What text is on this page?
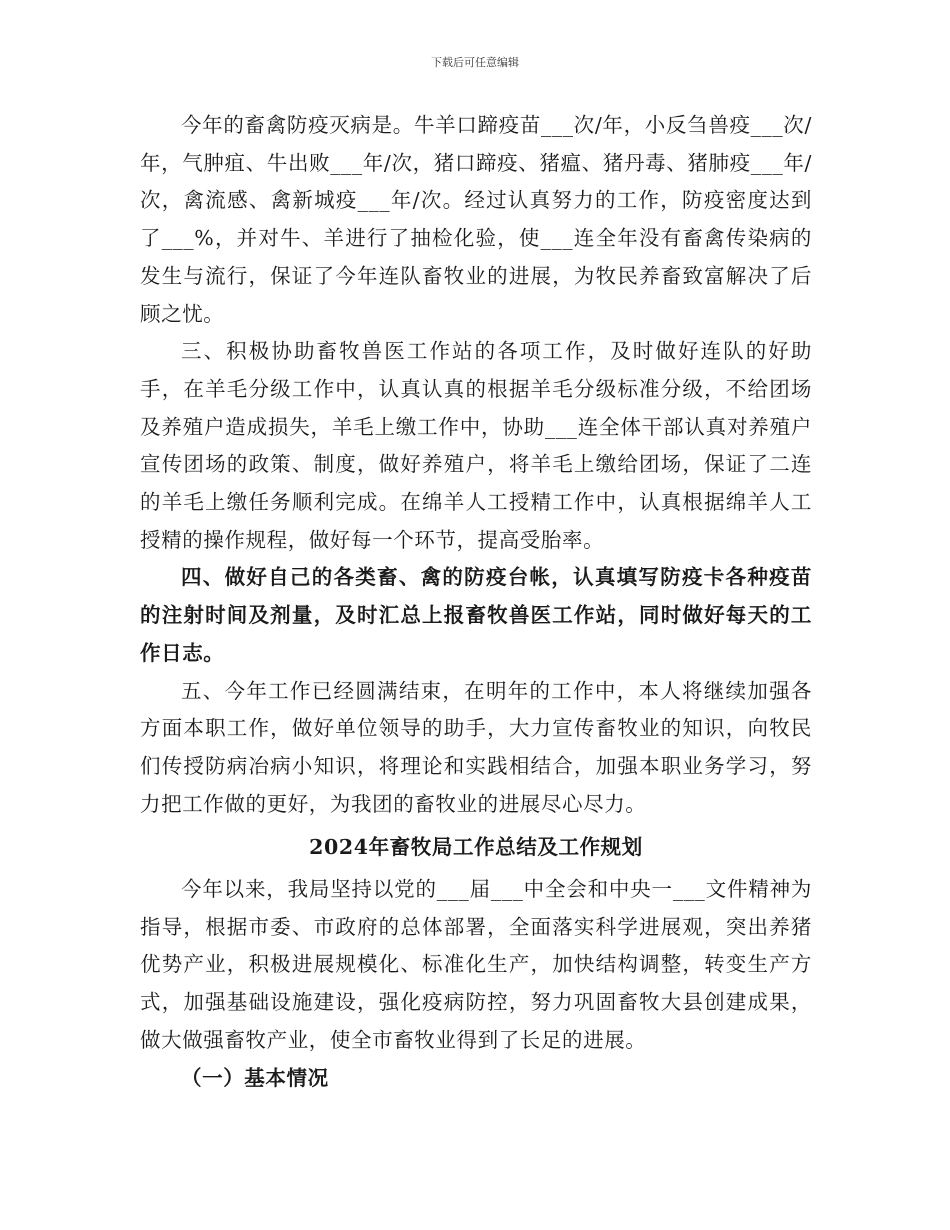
下载后可任意编辑

今年的畜禽防疫灭病是。牛羊口蹄疫苗___次/年，小反刍兽疫___次/年，气肿疽、牛出败___年/次，猪口蹄疫、猪瘟、猪丹毒、猪肺疫___年/次，禽流感、禽新城疫___年/次。经过认真努力的工作，防疫密度达到了___%，并对牛、羊进行了抽检化验，使___连全年没有畜禽传染病的发生与流行，保证了今年连队畜牧业的进展，为牧民养畜致富解决了后顾之忧。

三、积极协助畜牧兽医工作站的各项工作，及时做好连队的好助手，在羊毛分级工作中，认真认真的根据羊毛分级标准分级，不给团场及养殖户造成损失，羊毛上缴工作中，协助___连全体干部认真对养殖户宣传团场的政策、制度，做好养殖户，将羊毛上缴给团场，保证了二连的羊毛上缴任务顺利完成。在绵羊人工授精工作中，认真根据绵羊人工授精的操作规程，做好每一个环节，提高受胎率。

四、做好自己的各类畜、禽的防疫台帐，认真填写防疫卡各种疫苗的注射时间及剂量，及时汇总上报畜牧兽医工作站，同时做好每天的工作日志。

五、今年工作已经圆满结束，在明年的工作中，本人将继续加强各方面本职工作，做好单位领导的助手，大力宣传畜牧业的知识，向牧民们传授防病冶病小知识，将理论和实践相结合，加强本职业务学习，努力把工作做的更好，为我团的畜牧业的进展尽心尽力。

2024年畜牧局工作总结及工作规划

今年以来，我局坚持以党的___届___中全会和中央一___文件精神为指导，根据市委、市政府的总体部署，全面落实科学进展观，突出养猪优势产业，积极进展规模化、标准化生产，加快结构调整，转变生产方式，加强基础设施建设，强化疫病防控，努力巩固畜牧大县创建成果，做大做强畜牧产业，使全市畜牧业得到了长足的进展。

（一）基本情况
